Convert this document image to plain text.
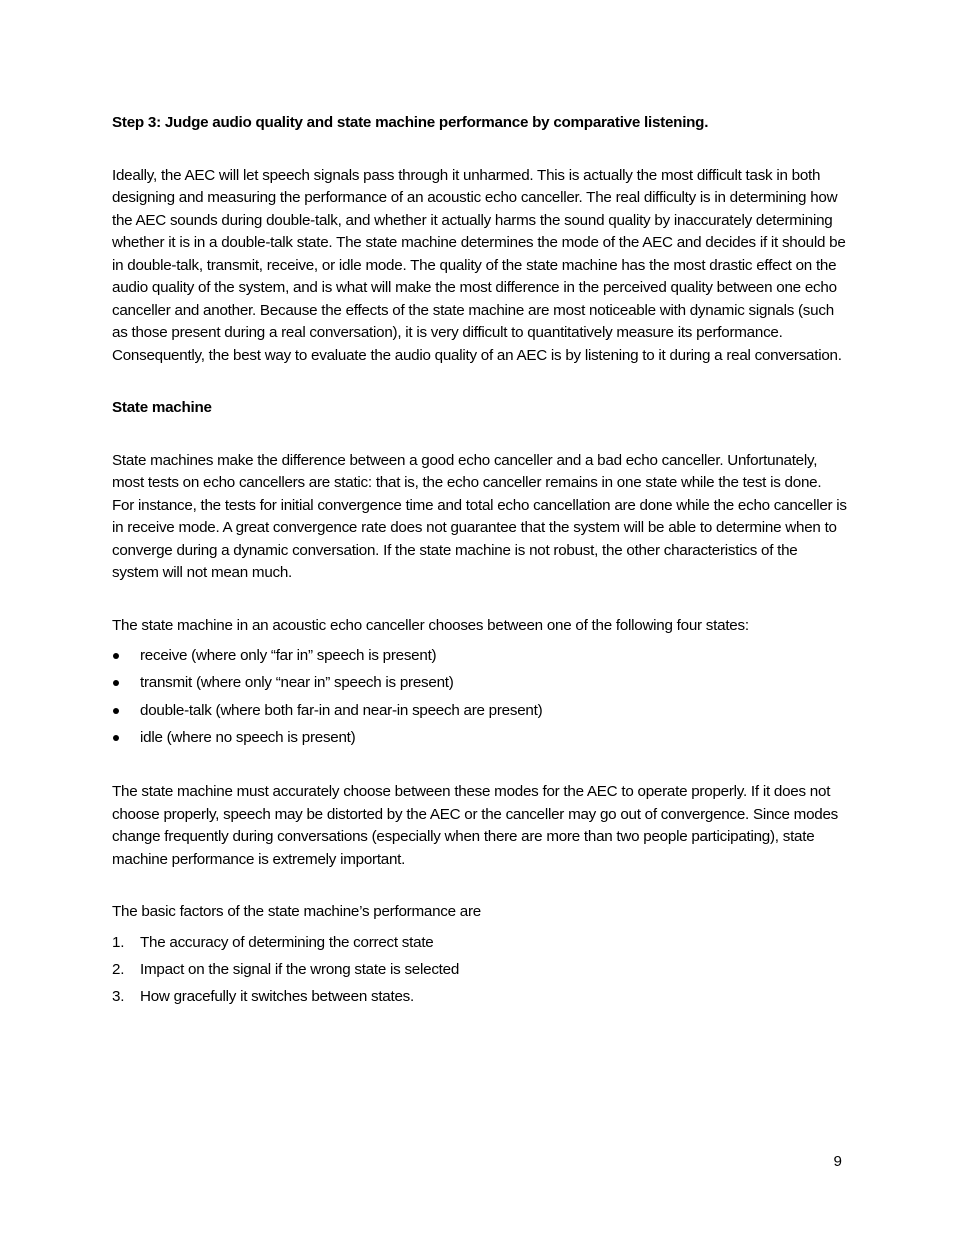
Step 3: Judge audio quality and state machine performance by comparative listening.

Ideally, the AEC will let speech signals pass through it unharmed. This is actually the most difficult task in both designing and measuring the performance of an acoustic echo canceller. The real difficulty is in determining how the AEC sounds during double-talk, and whether it actually harms the sound quality by inaccurately determining whether it is in a double-talk state. The state machine determines the mode of the AEC and decides if it should be in double-talk, transmit, receive, or idle mode. The quality of the state machine has the most drastic effect on the audio quality of the system, and is what will make the most difference in the perceived quality between one echo canceller and another. Because the effects of the state machine are most noticeable with dynamic signals (such as those present during a real conversation), it is very difficult to quantitatively measure its performance. Consequently, the best way to evaluate the audio quality of an AEC is by listening to it during a real conversation.

State machine

State machines make the difference between a good echo canceller and a bad echo canceller. Unfortunately, most tests on echo cancellers are static: that is, the echo canceller remains in one state while the test is done. For instance, the tests for initial convergence time and total echo cancellation are done while the echo canceller is in receive mode. A great convergence rate does not guarantee that the system will be able to determine when to converge during a dynamic conversation. If the state machine is not robust, the other characteristics of the system will not mean much.

The state machine in an acoustic echo canceller chooses between one of the following four states:

receive (where only “far in” speech is present)
transmit (where only “near in” speech is present)
double-talk (where both far-in and near-in speech are present)
idle (where no speech is present)

The state machine must accurately choose between these modes for the AEC to operate properly. If it does not choose properly, speech may be distorted by the AEC or the canceller may go out of convergence. Since modes change frequently during conversations (especially when there are more than two people participating), state machine performance is extremely important.

The basic factors of the state machine’s performance are

1. The accuracy of determining the correct state
2. Impact on the signal if the wrong state is selected
3. How gracefully it switches between states.
9
